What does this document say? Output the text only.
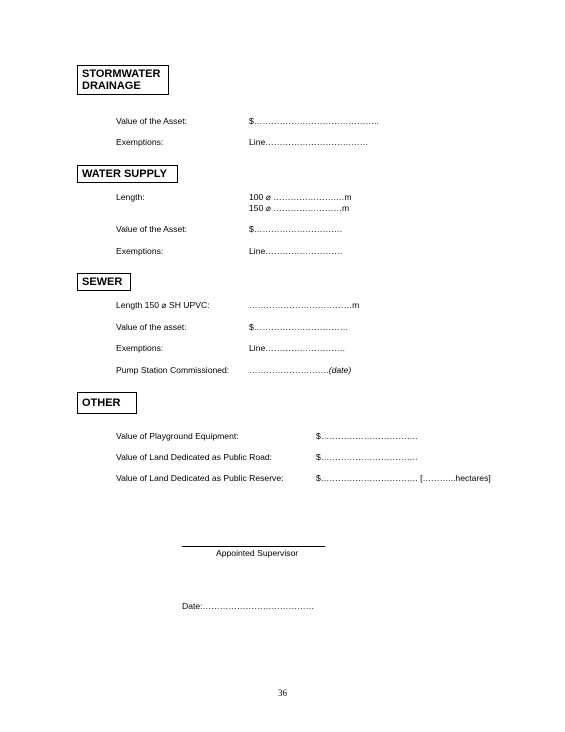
STORMWATER
DRAINAGE
Value of the Asset:	$……………………………………..
Exemptions:	Line………………………………
WATER SUPPLY
Length:	100 ⌀ ………………….…m
150 ⌀ ……………………m
Value of the Asset:	$………………………….
Exemptions:	Line………………………
SEWER
Length 150 ⌀ SH UPVC:	………………………………m
Value of the asset:	$……………………………
Exemptions:	Line……………………….
Pump Station Commissioned: ……………………….(date)
OTHER
Value of Playground Equipment:	$…………………………….
Value of Land Dedicated as Public Road:	$…………………………….
Value of Land Dedicated as Public Reserve:	$……………………………. [………...hectares]
Appointed Supervisor
Date:…………………………………
36
